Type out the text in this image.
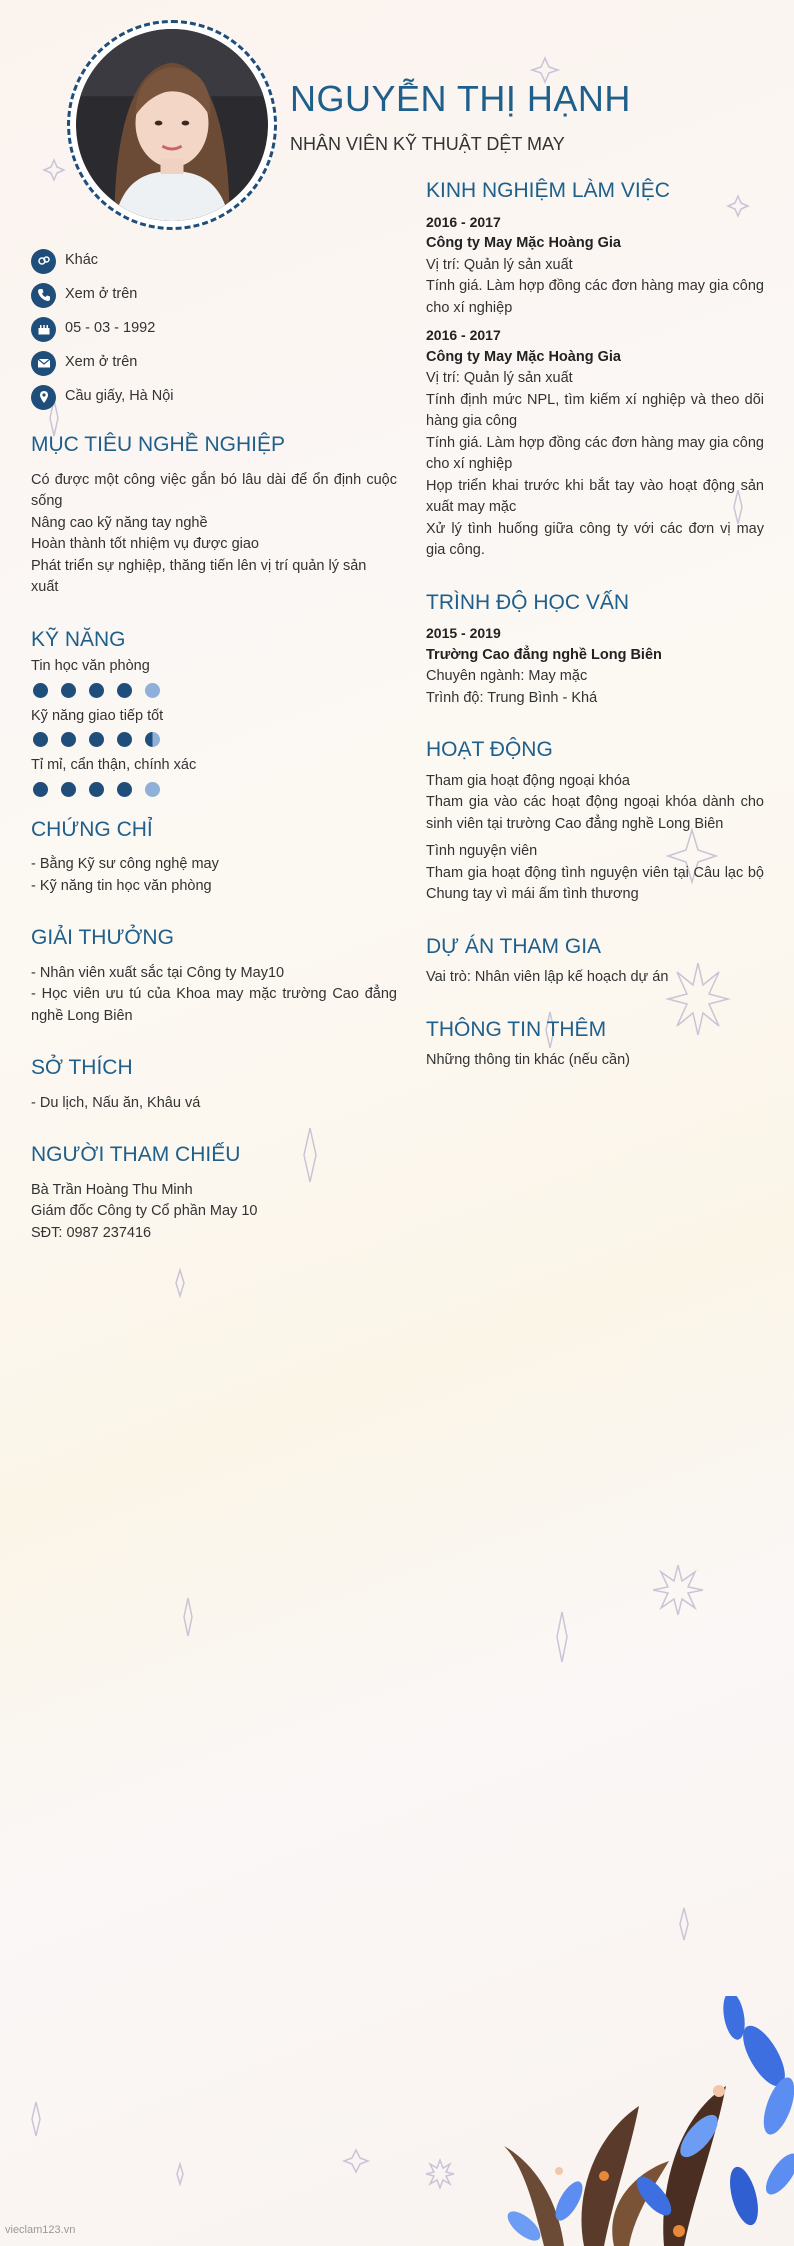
NGUYỄN THỊ HẠNH
NHÂN VIÊN KỸ THUẬT DỆT MAY
Khác
Xem ở trên
05 - 03 - 1992
Xem ở trên
Cầu giấy, Hà Nội
MỤC TIÊU NGHỀ NGHIỆP

Có được một công việc gắn bó lâu dài để ổn định cuộc sống

Nâng cao kỹ năng tay nghề

Hoàn thành tốt nhiệm vụ được giao

Phát triển sự nghiệp, thăng tiến lên vị trí quản lý sản xuất

KỸ NĂNG
Tin học văn phòng
Kỹ năng giao tiếp tốt
Tỉ mỉ, cẩn thận, chính xác
CHỨNG CHỈ

- Bằng Kỹ sư công nghệ may

- Kỹ năng tin học văn phòng

GIẢI THƯỞNG

- Nhân viên xuất sắc tại Công ty May10

- Học viên ưu tú của Khoa may mặc trường Cao đẳng nghề Long Biên

SỞ THÍCH

- Du lịch, Nấu ăn, Khâu vá

NGƯỜI THAM CHIẾU

Bà Trần Hoàng Thu Minh

Giám đốc Công ty Cổ phần May 10

SĐT: 0987 237416

KINH NGHIỆM LÀM VIỆC
2016 - 2017
Công ty May Mặc Hoàng Gia

Vị trí: Quản lý sản xuất

Tính giá. Làm hợp đồng các đơn hàng may gia công cho xí nghiệp

2016 - 2017
Công ty May Mặc Hoàng Gia

Vị trí: Quản lý sản xuất

Tính định mức NPL, tìm kiếm xí nghiệp và theo dõi hàng gia công

Tính giá. Làm hợp đồng các đơn hàng may gia công cho xí nghiệp

Họp triển khai trước khi bắt tay vào hoạt động sản xuất may mặc

Xử lý tình huống giữa công ty với các đơn vị may gia công.

TRÌNH ĐỘ HỌC VẤN
2015 - 2019
Trường Cao đẳng nghề Long Biên

Chuyên ngành: May mặc

Trình độ: Trung Bình - Khá

HOẠT ĐỘNG

Tham gia hoạt động ngoại khóa

Tham gia vào các hoạt động ngoại khóa dành cho sinh viên tại trường Cao đẳng nghề Long Biên

Tình nguyện viên

Tham gia hoạt động tình nguyện viên tại Câu lạc bộ Chung tay vì mái ấm tình thương

DỰ ÁN THAM GIA

Vai trò: Nhân viên lập kế hoạch dự án

THÔNG TIN THÊM

Những thông tin khác (nếu cần)

vieclam123.vn
